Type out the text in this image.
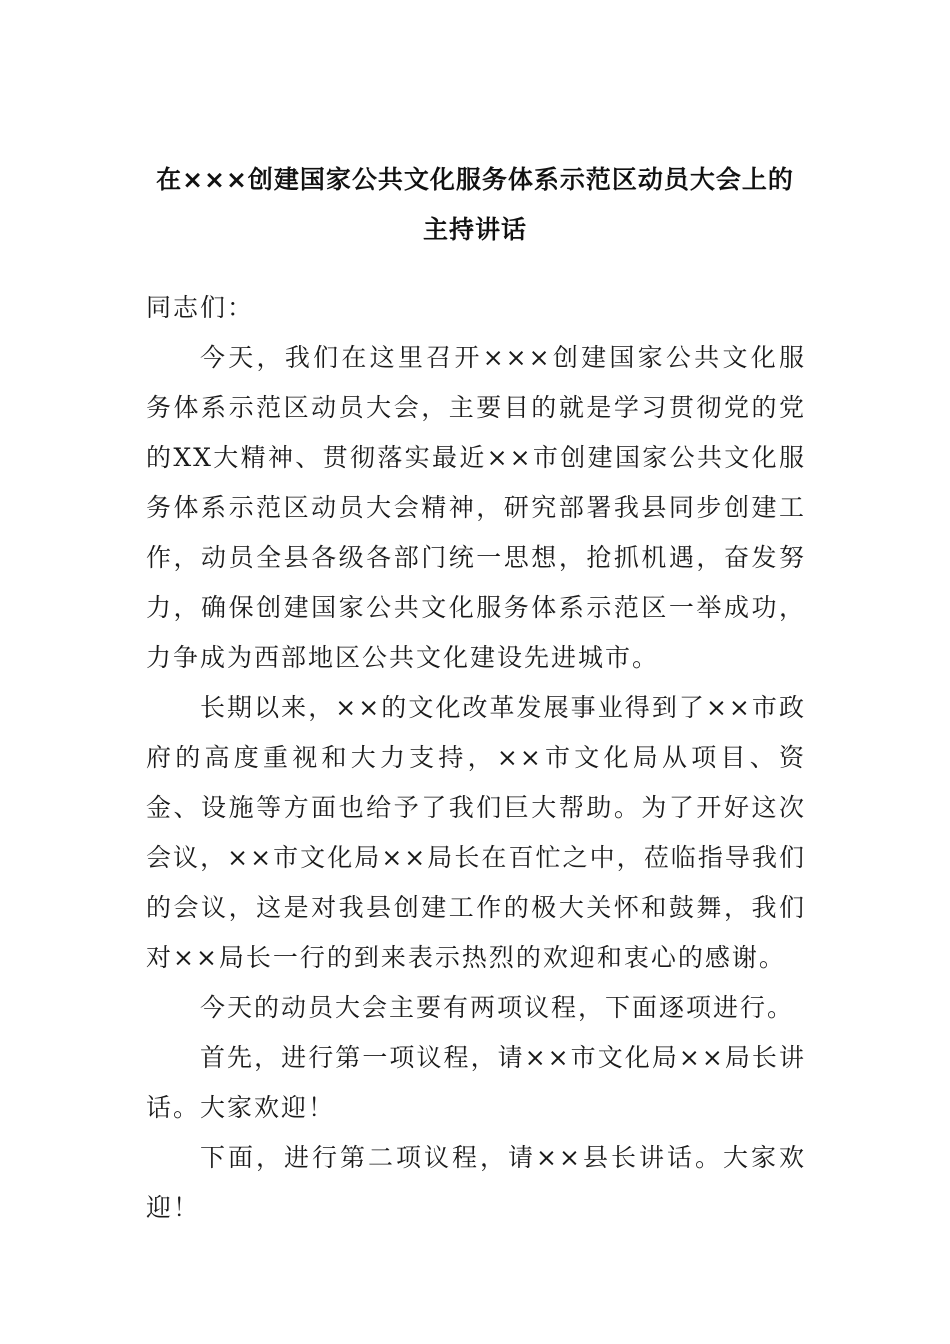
在×××创建国家公共文化服务体系示范区动员大会上的
主持讲话

同志们：

今天，我们在这里召开×××创建国家公共文化服务体系示范区动员大会，主要目的就是学习贯彻党的党的XX大精神、贯彻落实最近××市创建国家公共文化服务体系示范区动员大会精神，研究部署我县同步创建工作，动员全县各级各部门统一思想，抢抓机遇，奋发努力，确保创建国家公共文化服务体系示范区一举成功，力争成为西部地区公共文化建设先进城市。

长期以来，××的文化改革发展事业得到了××市政府的高度重视和大力支持，××市文化局从项目、资金、设施等方面也给予了我们巨大帮助。为了开好这次会议，××市文化局××局长在百忙之中，莅临指导我们的会议，这是对我县创建工作的极大关怀和鼓舞，我们对××局长一行的到来表示热烈的欢迎和衷心的感谢。

今天的动员大会主要有两项议程，下面逐项进行。

首先，进行第一项议程，请××市文化局××局长讲话。大家欢迎！

下面，进行第二项议程，请××县长讲话。大家欢迎！
